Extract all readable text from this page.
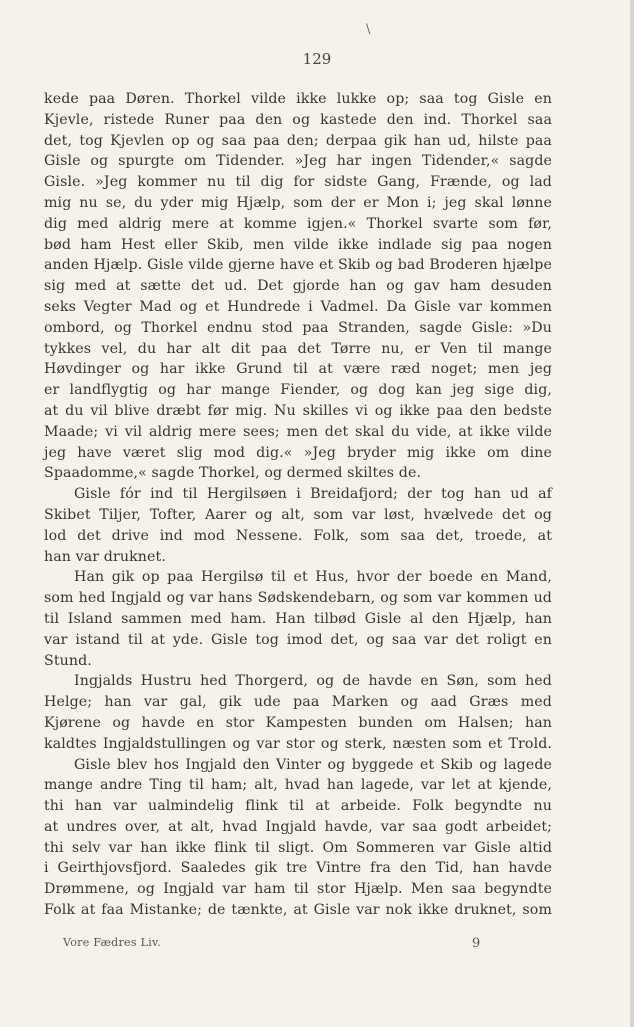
\
129
kede paa Døren. Thorkel vilde ikke lukke op; saa tog Gisle en
Kjevle, ristede Runer paa den og kastede den ind. Thorkel saa
det, tog Kjevlen op og saa paa den; derpaa gik han ud, hilste paa
Gisle og spurgte om Tidender. »Jeg har ingen Tidender,« sagde
Gisle. »Jeg kommer nu til dig for sidste Gang, Frænde, og lad
mig nu se, du yder mig Hjælp, som der er Mon i; jeg skal lønne
dig med aldrig mere at komme igjen.« Thorkel svarte som før,
bød ham Hest eller Skib, men vilde ikke indlade sig paa nogen
anden Hjælp. Gisle vilde gjerne have et Skib og bad Broderen hjælpe
sig med at sætte det ud. Det gjorde han og gav ham desuden
seks Vegter Mad og et Hundrede i Vadmel. Da Gisle var kommen
ombord, og Thorkel endnu stod paa Stranden, sagde Gisle: »Du
tykkes vel, du har alt dit paa det Tørre nu, er Ven til mange
Høvdinger og har ikke Grund til at være ræd noget; men jeg
er landflygtig og har mange Fiender, og dog kan jeg sige dig,
at du vil blive dræbt før mig. Nu skilles vi og ikke paa den bedste
Maade; vi vil aldrig mere sees; men det skal du vide, at ikke vilde
jeg have været slig mod dig.« »Jeg bryder mig ikke om dine
Spaadomme,« sagde Thorkel, og dermed skiltes de.
Gisle fór ind til Hergilsøen i Breidafjord; der tog han ud af
Skibet Tiljer, Tofter, Aarer og alt, som var løst, hvælvede det og
lod det drive ind mod Nessene. Folk, som saa det, troede, at
han var druknet.
Han gik op paa Hergilsø til et Hus, hvor der boede en Mand,
som hed Ingjald og var hans Sødskendebarn, og som var kommen ud
til Island sammen med ham. Han tilbød Gisle al den Hjælp, han
var istand til at yde. Gisle tog imod det, og saa var det roligt en
Stund.
Ingjalds Hustru hed Thorgerd, og de havde en Søn, som hed
Helge; han var gal, gik ude paa Marken og aad Græs med
Kjørene og havde en stor Kampesten bunden om Halsen; han
kaldtes Ingjaldstullingen og var stor og sterk, næsten som et Trold.
Gisle blev hos Ingjald den Vinter og byggede et Skib og lagede
mange andre Ting til ham; alt, hvad han lagede, var let at kjende,
thi han var ualmindelig flink til at arbeide. Folk begyndte nu
at undres over, at alt, hvad Ingjald havde, var saa godt arbeidet;
thi selv var han ikke flink til sligt. Om Sommeren var Gisle altid
i Geirthjovsfjord. Saaledes gik tre Vintre fra den Tid, han havde
Drømmene, og Ingjald var ham til stor Hjælp. Men saa begyndte
Folk at faa Mistanke; de tænkte, at Gisle var nok ikke druknet, som
Vore Fædres Liv.	9
